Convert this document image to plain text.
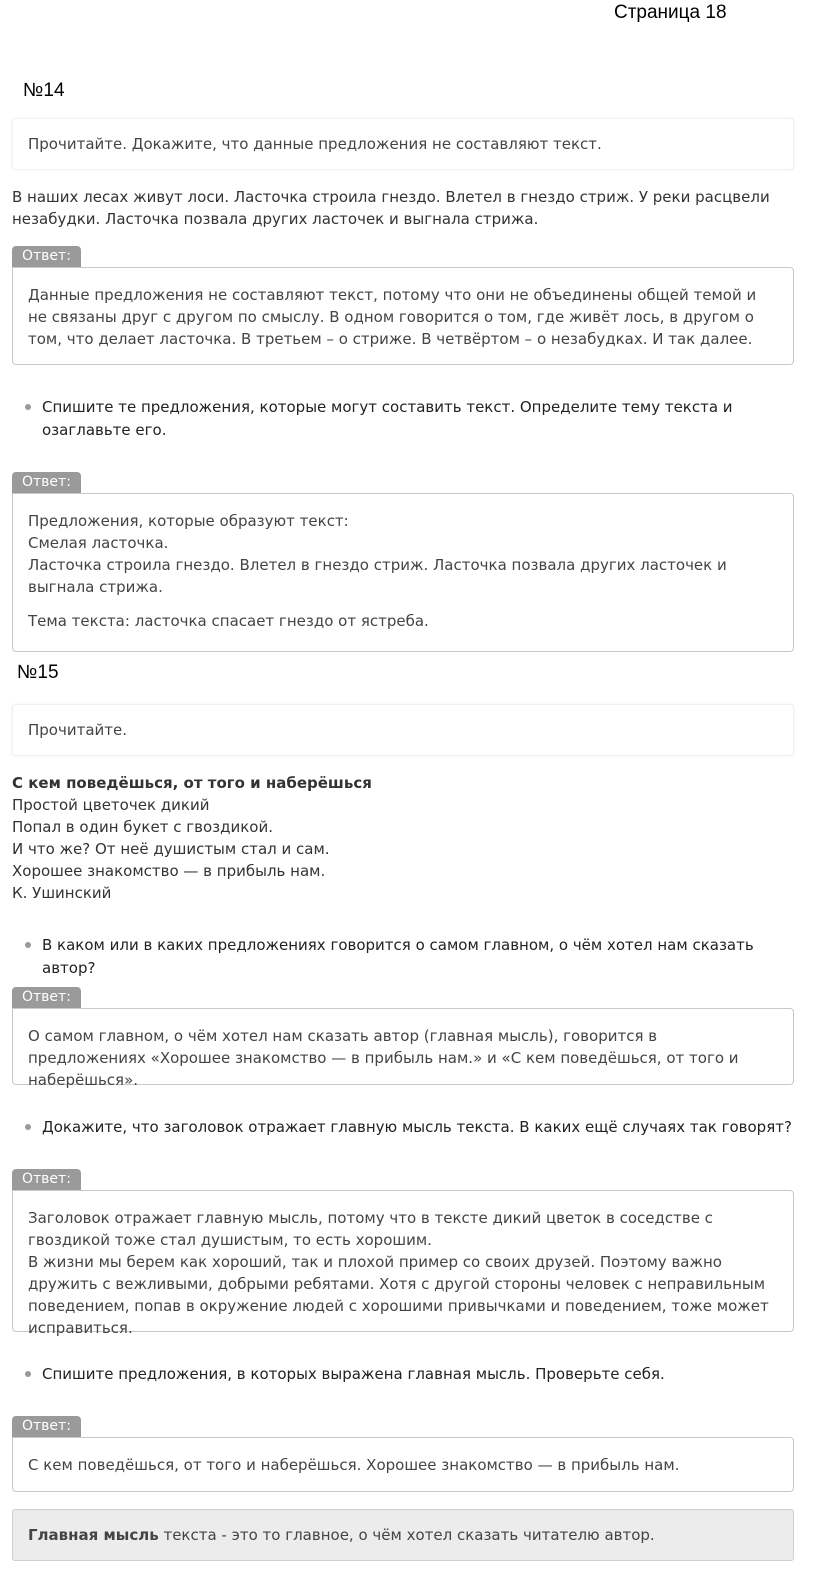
Страница 18
№14
Прочитайте. Докажите, что данные предложения не составляют текст.
В наших лесах живут лоси. Ласточка строила гнездо. Влетел в гнездо стриж. У реки расцвели незабудки. Ласточка позвала других ласточек и выгнала стрижа.
Ответ:

Данные предложения не составляют текст, потому что они не объединены общей темой и не связаны друг с другом по смыслу. В одном говорится о том, где живёт лось, в другом о том, что делает ласточка. В третьем – о стриже. В четвёртом – о незабудках. И так далее.

Спишите те предложения, которые могут составить текст. Определите тему текста и озаглавьте его.
Ответ:

Предложения, которые образуют текст:

Смелая ласточка.

Ласточка строила гнездо. Влетел в гнездо стриж. Ласточка позвала других ласточек и выгнала стрижа.

Тема текста: ласточка спасает гнездо от ястреба.

№15
Прочитайте.
С кем поведёшься, от того и наберёшься
Простой цветочек дикий
Попал в один букет с гвоздикой.
И что же? От неё душистым стал и сам.
Хорошее знакомство — в прибыль нам.
К. Ушинский
В каком или в каких предложениях говорится о самом главном, о чём хотел нам сказать автор?
Ответ:

О самом главном, о чём хотел нам сказать автор (главная мысль), говорится в предложениях «Хорошее знакомство — в прибыль нам.» и «С кем поведёшься, от того и наберёшься».

Докажите, что заголовок отражает главную мысль текста. В каких ещё случаях так говорят?
Ответ:

Заголовок отражает главную мысль, потому что в тексте дикий цветок в соседстве с гвоздикой тоже стал душистым, то есть хорошим.

В жизни мы берем как хороший, так и плохой пример со своих друзей. Поэтому важно дружить с вежливыми, добрыми ребятами. Хотя с другой стороны человек с неправильным поведением, попав в окружение людей с хорошими привычками и поведением, тоже может исправиться.

Спишите предложения, в которых выражена главная мысль. Проверьте себя.
Ответ:

С кем поведёшься, от того и наберёшься. Хорошее знакомство — в прибыль нам.

Главная мысль текста - это то главное, о чём хотел сказать читателю автор.
